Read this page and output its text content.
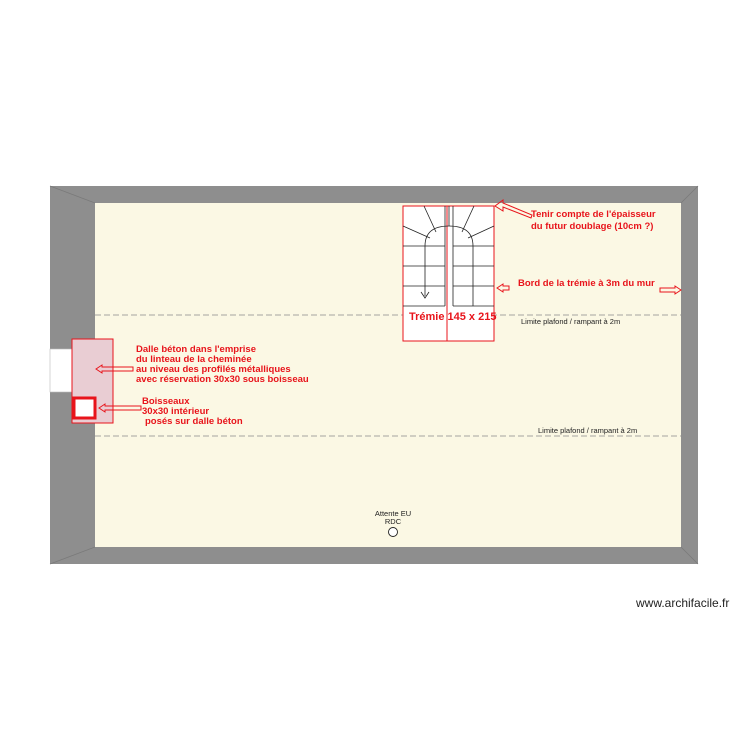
Trémie 145 x 215
Tenir compte de l'épaisseur
du futur doublage (10cm ?)
Bord de la trémie à 3m du mur
Dalle béton dans l'emprise
du linteau de la cheminée
au niveau des profilés métalliques
avec réservation 30x30 sous boisseau
Boisseaux
30x30 intérieur
posés sur dalle béton
Limite plafond / rampant à 2m
Limite plafond / rampant à 2m
Attente EU
RDC
www.archifacile.fr
